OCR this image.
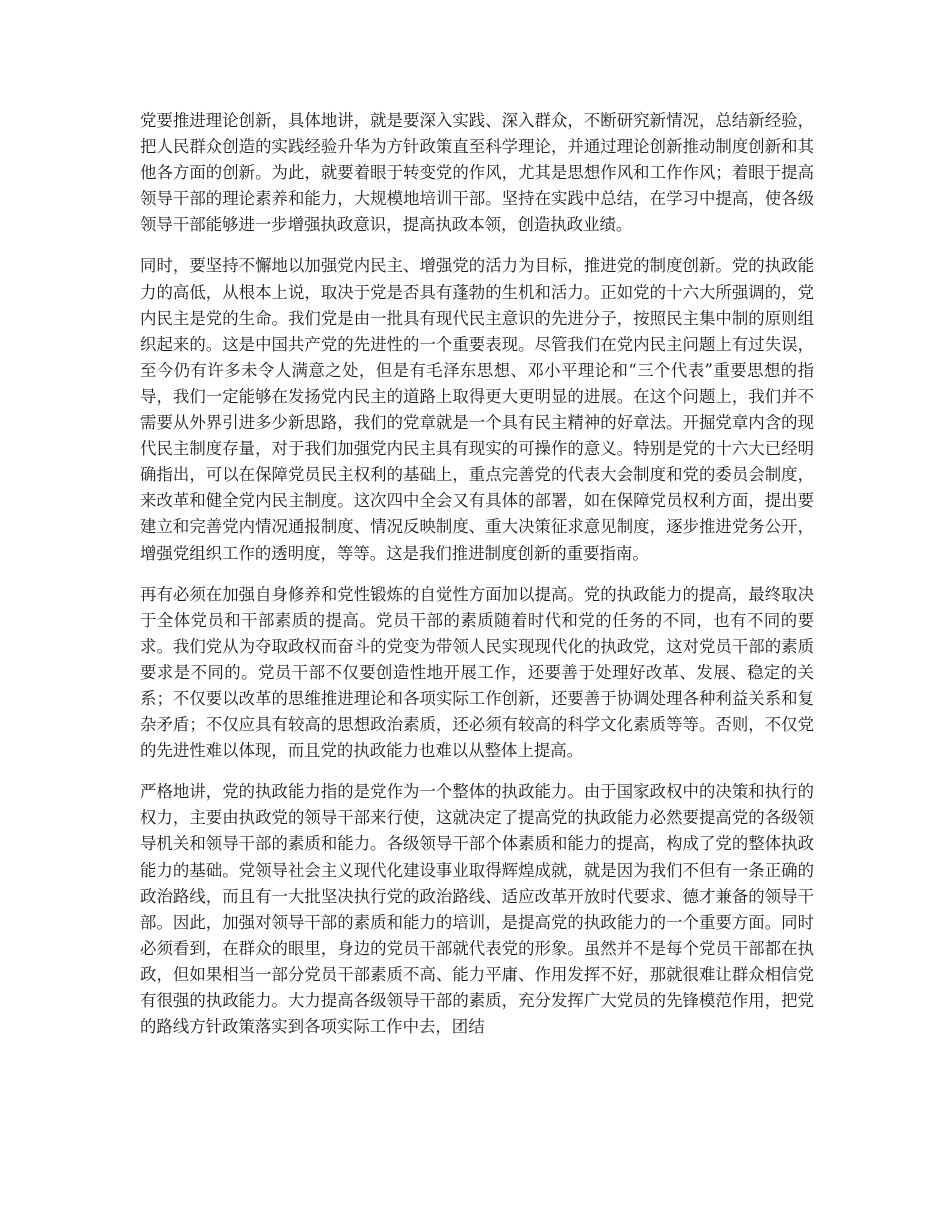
党要推进理论创新，具体地讲，就是要深入实践、深入群众，不断研究新情况，总结新经验，把人民群众创造的实践经验升华为方针政策直至科学理论，并通过理论创新推动制度创新和其他各方面的创新。为此，就要着眼于转变党的作风，尤其是思想作风和工作作风；着眼于提高领导干部的理论素养和能力，大规模地培训干部。坚持在实践中总结，在学习中提高，使各级领导干部能够进一步增强执政意识，提高执政本领，创造执政业绩。

同时，要坚持不懈地以加强党内民主、增强党的活力为目标，推进党的制度创新。党的执政能力的高低，从根本上说，取决于党是否具有蓬勃的生机和活力。正如党的十六大所强调的，党内民主是党的生命。我们党是由一批具有现代民主意识的先进分子，按照民主集中制的原则组织起来的。这是中国共产党的先进性的一个重要表现。尽管我们在党内民主问题上有过失误，至今仍有许多未令人满意之处，但是有毛泽东思想、邓小平理论和“三个代表”重要思想的指导，我们一定能够在发扬党内民主的道路上取得更大更明显的进展。在这个问题上，我们并不需要从外界引进多少新思路，我们的党章就是一个具有民主精神的好章法。开掘党章内含的现代民主制度存量，对于我们加强党内民主具有现实的可操作的意义。特别是党的十六大已经明确指出，可以在保障党员民主权利的基础上，重点完善党的代表大会制度和党的委员会制度，来改革和健全党内民主制度。这次四中全会又有具体的部署，如在保障党员权利方面，提出要建立和完善党内情况通报制度、情况反映制度、重大决策征求意见制度，逐步推进党务公开，增强党组织工作的透明度，等等。这是我们推进制度创新的重要指南。

再有必须在加强自身修养和党性锻炼的自觉性方面加以提高。党的执政能力的提高，最终取决于全体党员和干部素质的提高。党员干部的素质随着时代和党的任务的不同，也有不同的要求。我们党从为夺取政权而奋斗的党变为带领人民实现现代化的执政党，这对党员干部的素质要求是不同的。党员干部不仅要创造性地开展工作，还要善于处理好改革、发展、稳定的关系；不仅要以改革的思维推进理论和各项实际工作创新，还要善于协调处理各种利益关系和复杂矛盾；不仅应具有较高的思想政治素质，还必须有较高的科学文化素质等等。否则，不仅党的先进性难以体现，而且党的执政能力也难以从整体上提高。

严格地讲，党的执政能力指的是党作为一个整体的执政能力。由于国家政权中的决策和执行的权力，主要由执政党的领导干部来行使，这就决定了提高党的执政能力必然要提高党的各级领导机关和领导干部的素质和能力。各级领导干部个体素质和能力的提高，构成了党的整体执政能力的基础。党领导社会主义现代化建设事业取得辉煌成就，就是因为我们不但有一条正确的政治路线，而且有一大批坚决执行党的政治路线、适应改革开放时代要求、德才兼备的领导干部。因此，加强对领导干部的素质和能力的培训，是提高党的执政能力的一个重要方面。同时必须看到，在群众的眼里，身边的党员干部就代表党的形象。虽然并不是每个党员干部都在执政，但如果相当一部分党员干部素质不高、能力平庸、作用发挥不好，那就很难让群众相信党有很强的执政能力。大力提高各级领导干部的素质，充分发挥广大党员的先锋模范作用，把党的路线方针政策落实到各项实际工作中去，团结
